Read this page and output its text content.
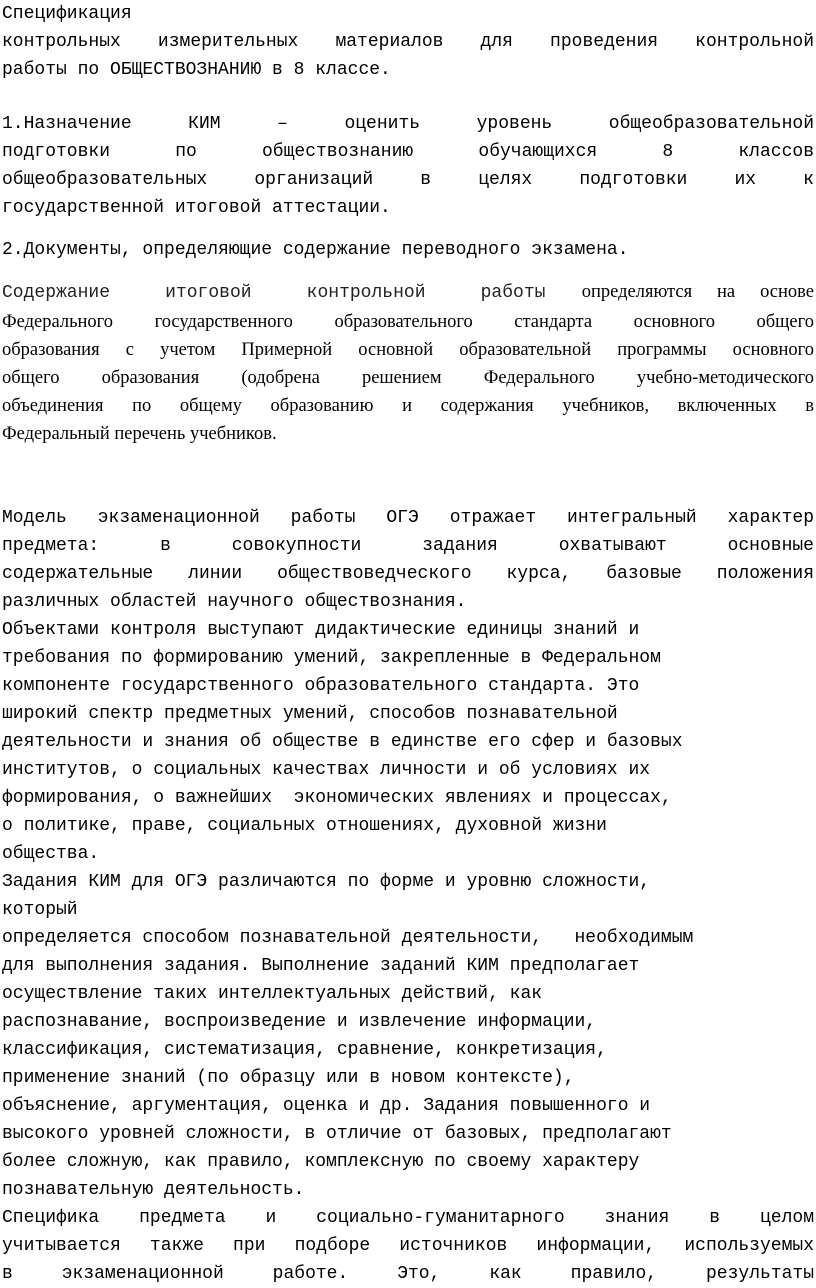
Спецификация
контрольных измерительных материалов для проведения контрольной
работы по ОБЩЕСТВОЗНАНИЮ в 8 классе.
1.Назначение КИМ – оценить уровень общеобразовательной
подготовки по обществознанию обучающихся 8 классов
общеобразовательных организаций в целях подготовки их к
государственной итоговой аттестации.
2.Документы, определяющие содержание переводного экзамена.
Содержание итоговой контрольной работы определяются на основе
Федерального государственного образовательного стандарта основного общего
образования с учетом Примерной основной образовательной программы основного
общего образования (одобрена решением Федерального учебно-методического
объединения по общему образованию и содержания учебников, включенных в
Федеральный перечень учебников.

Модель экзаменационной работы ОГЭ отражает интегральный характер
предмета: в совокупности задания охватывают основные
содержательные линии обществоведческого курса, базовые положения
различных областей научного обществознания.
Объектами контроля выступают дидактические единицы знаний и
требования по формированию умений, закрепленные в Федеральном
компоненте государственного образовательного стандарта. Это
широкий спектр предметных умений, способов познавательной
деятельности и знания об обществе в единстве его сфер и базовых
институтов, о социальных качествах личности и об условиях их
формирования, о важнейших  экономических явлениях и процессах,
о политике, праве, социальных отношениях, духовной жизни
общества.
Задания КИМ для ОГЭ различаются по форме и уровню сложности,
который
определяется способом познавательной деятельности,   необходимым
для выполнения задания. Выполнение заданий КИМ предполагает
осуществление таких интеллектуальных действий, как
распознавание, воспроизведение и извлечение информации,
классификация, систематизация, сравнение, конкретизация,
применение знаний (по образцу или в новом контексте),
объяснение, аргументация, оценка и др. Задания повышенного и
высокого уровней сложности, в отличие от базовых, предполагают
более сложную, как правило, комплексную по своему характеру
познавательную деятельность.
Специфика предмета и социально-гуманитарного знания в целом
учитывается также при подборе источников информации, используемых
в экзаменационной работе. Это, как правило, результаты
